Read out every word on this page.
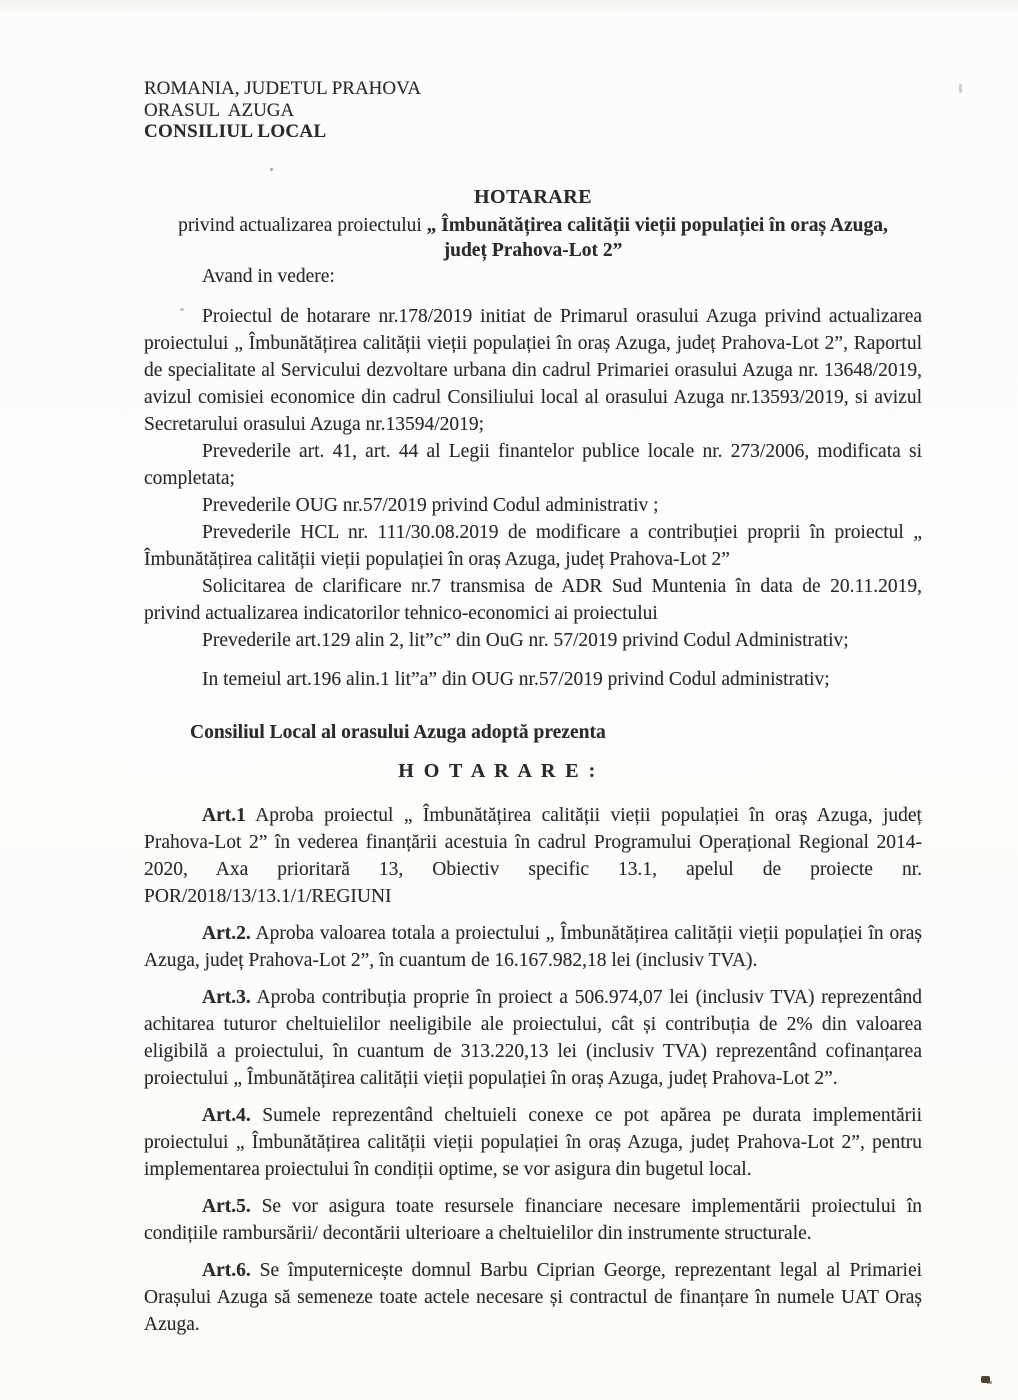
ROMANIA, JUDETUL PRAHOVA
ORASUL  AZUGA
CONSILIUL LOCAL
HOTARARE
privind actualizarea proiectului „ Îmbunătățirea calității vieții populației în oraș Azuga,
județ Prahova-Lot 2”

Avand in vedere:

Proiectul de hotarare nr.178/2019 initiat de Primarul orasului Azuga privind actualizarea proiectului „ Îmbunătățirea calității vieții populației în oraș Azuga, județ Prahova-Lot 2”, Raportul de specialitate al Servicului dezvoltare urbana din cadrul Primariei orasului Azuga nr. 13648/2019, avizul comisiei economice din cadrul Consiliului local al orasului Azuga nr.13593/2019, si avizul Secretarului orasului Azuga nr.13594/2019;

Prevederile art. 41, art. 44 al Legii finantelor publice locale nr. 273/2006, modificata si completata;

Prevederile OUG nr.57/2019 privind Codul administrativ ;

Prevederile HCL nr. 111/30.08.2019 de modificare a contribuției proprii în proiectul „ Îmbunătățirea calității vieții populației în oraș Azuga, județ Prahova-Lot 2”

Solicitarea de clarificare nr.7 transmisa de ADR Sud Muntenia în data de 20.11.2019, privind actualizarea indicatorilor tehnico-economici ai proiectului

Prevederile art.129 alin 2, lit”c” din OuG nr. 57/2019 privind Codul Administrativ;

In temeiul art.196 alin.1 lit”a” din OUG nr.57/2019 privind Codul administrativ;

Consiliul Local al orasului Azuga adoptă prezenta

H O T A R A R E :

Art.1 Aproba proiectul „ Îmbunătățirea calității vieții populației în oraș Azuga, județ Prahova-Lot 2” în vederea finanțării acestuia în cadrul Programului Operațional Regional 2014-2020, Axa prioritară 13, Obiectiv specific 13.1, apelul de proiecte nr. POR/2018/13/13.1/1/REGIUNI

Art.2. Aproba valoarea totala a proiectului „ Îmbunătățirea calității vieții populației în oraș Azuga, județ Prahova-Lot 2”, în cuantum de 16.167.982,18 lei (inclusiv TVA).

Art.3. Aproba contribuția proprie în proiect a 506.974,07 lei (inclusiv TVA) reprezentând achitarea tuturor cheltuielilor neeligibile ale proiectului, cât și contribuția de 2% din valoarea eligibilă a proiectului, în cuantum de 313.220,13 lei (inclusiv TVA) reprezentând cofinanțarea proiectului „ Îmbunătățirea calității vieții populației în oraș Azuga, județ Prahova-Lot 2”.

Art.4. Sumele reprezentând cheltuieli conexe ce pot apărea pe durata implementării proiectului „ Îmbunătățirea calității vieții populației în oraș Azuga, județ Prahova-Lot 2”, pentru implementarea proiectului în condiții optime, se vor asigura din bugetul local.

Art.5. Se vor asigura toate resursele financiare necesare implementării proiectului în condițiile rambursării/ decontării ulterioare a cheltuielilor din instrumente structurale.

Art.6. Se împuternicește domnul Barbu Ciprian George, reprezentant legal al Primariei Orașului Azuga să semeneze toate actele necesare și contractul de finanțare în numele UAT Oraș Azuga.
